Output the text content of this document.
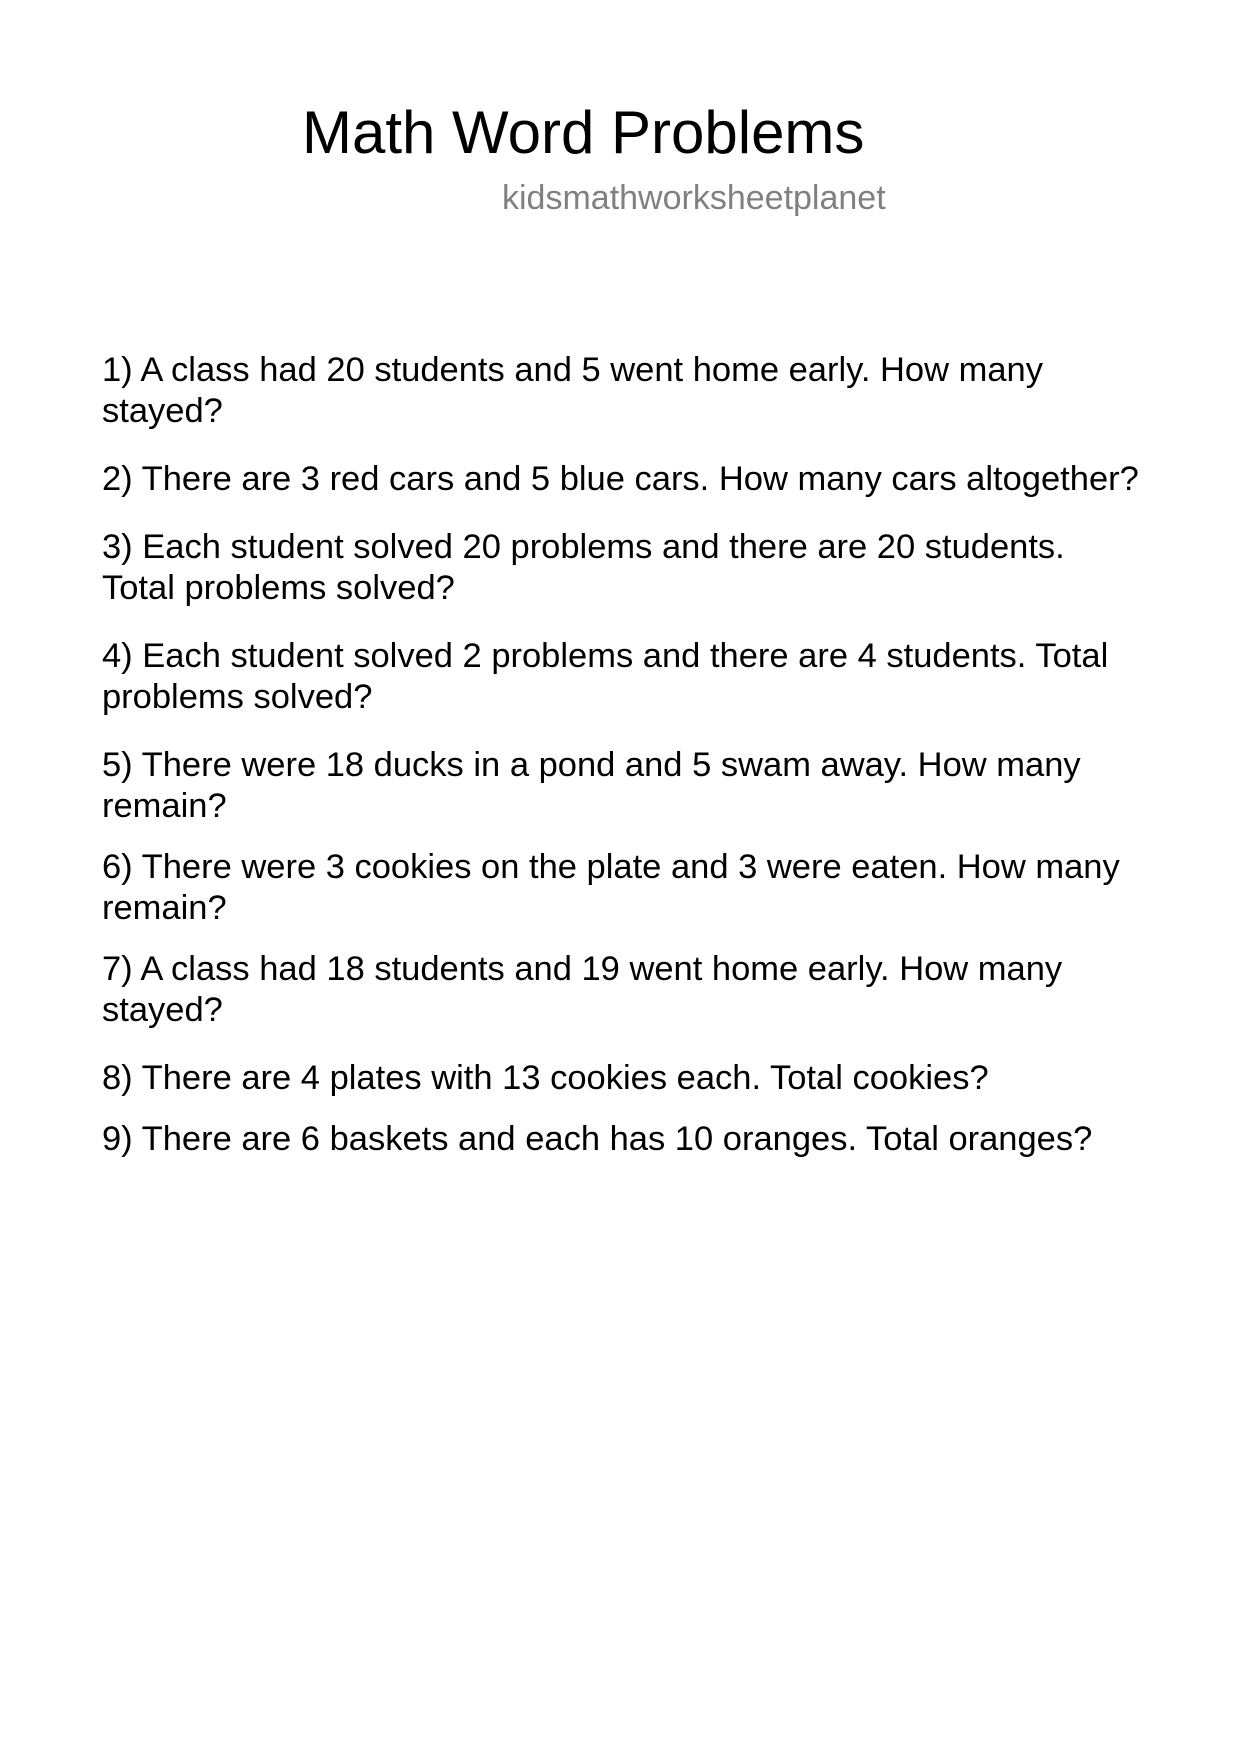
Math Word Problems
kidsmathworksheetplanet
1) A class had 20 students and 5 went home early. How many stayed?
2) There are 3 red cars and 5 blue cars. How many cars altogether?
3) Each student solved 20 problems and there are 20 students. Total problems solved?
4) Each student solved 2 problems and there are 4 students. Total problems solved?
5) There were 18 ducks in a pond and 5 swam away. How many remain?
6) There were 3 cookies on the plate and 3 were eaten. How many remain?
7) A class had 18 students and 19 went home early. How many stayed?
8) There are 4 plates with 13 cookies each. Total cookies?
9) There are 6 baskets and each has 10 oranges. Total oranges?
